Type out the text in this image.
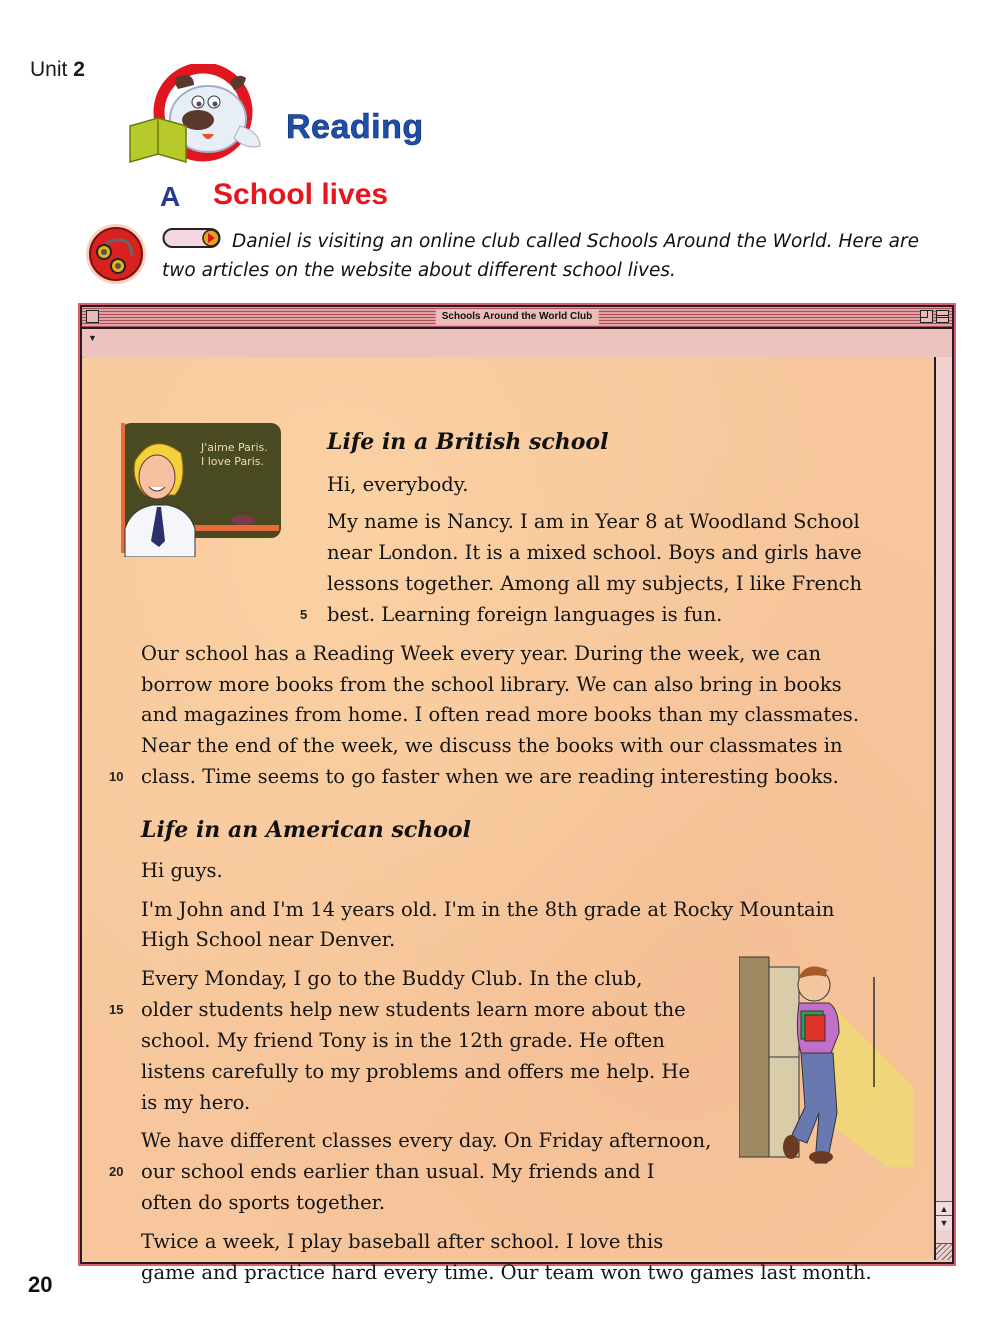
Unit 2
Reading
A School lives
Daniel is visiting an online club called Schools Around the World. Here are two articles on the website about different school lives.
Schools Around the World Club
▼
J'aime Paris.
I love Paris.
Life in a British school
Hi, everybody.
My name is Nancy. I am in Year 8 at Woodland School
near London. It is a mixed school. Boys and girls have
lessons together. Among all my subjects, I like French
5 best. Learning foreign languages is fun.
Our school has a Reading Week every year. During the week, we can
borrow more books from the school library. We can also bring in books
and magazines from home. I often read more books than my classmates.
Near the end of the week, we discuss the books with our classmates in
10 class. Time seems to go faster when we are reading interesting books.
Life in an American school
Hi guys.
I'm John and I'm 14 years old. I'm in the 8th grade at Rocky Mountain
High School near Denver.
Every Monday, I go to the Buddy Club. In the club,
15 older students help new students learn more about the
school. My friend Tony is in the 12th grade. He often
listens carefully to my problems and offers me help. He
is my hero.
We have different classes every day. On Friday afternoon,
20 our school ends earlier than usual. My friends and I
often do sports together.
Twice a week, I play baseball after school. I love this
game and practice hard every time. Our team won two games last month.
▲
▼
20
